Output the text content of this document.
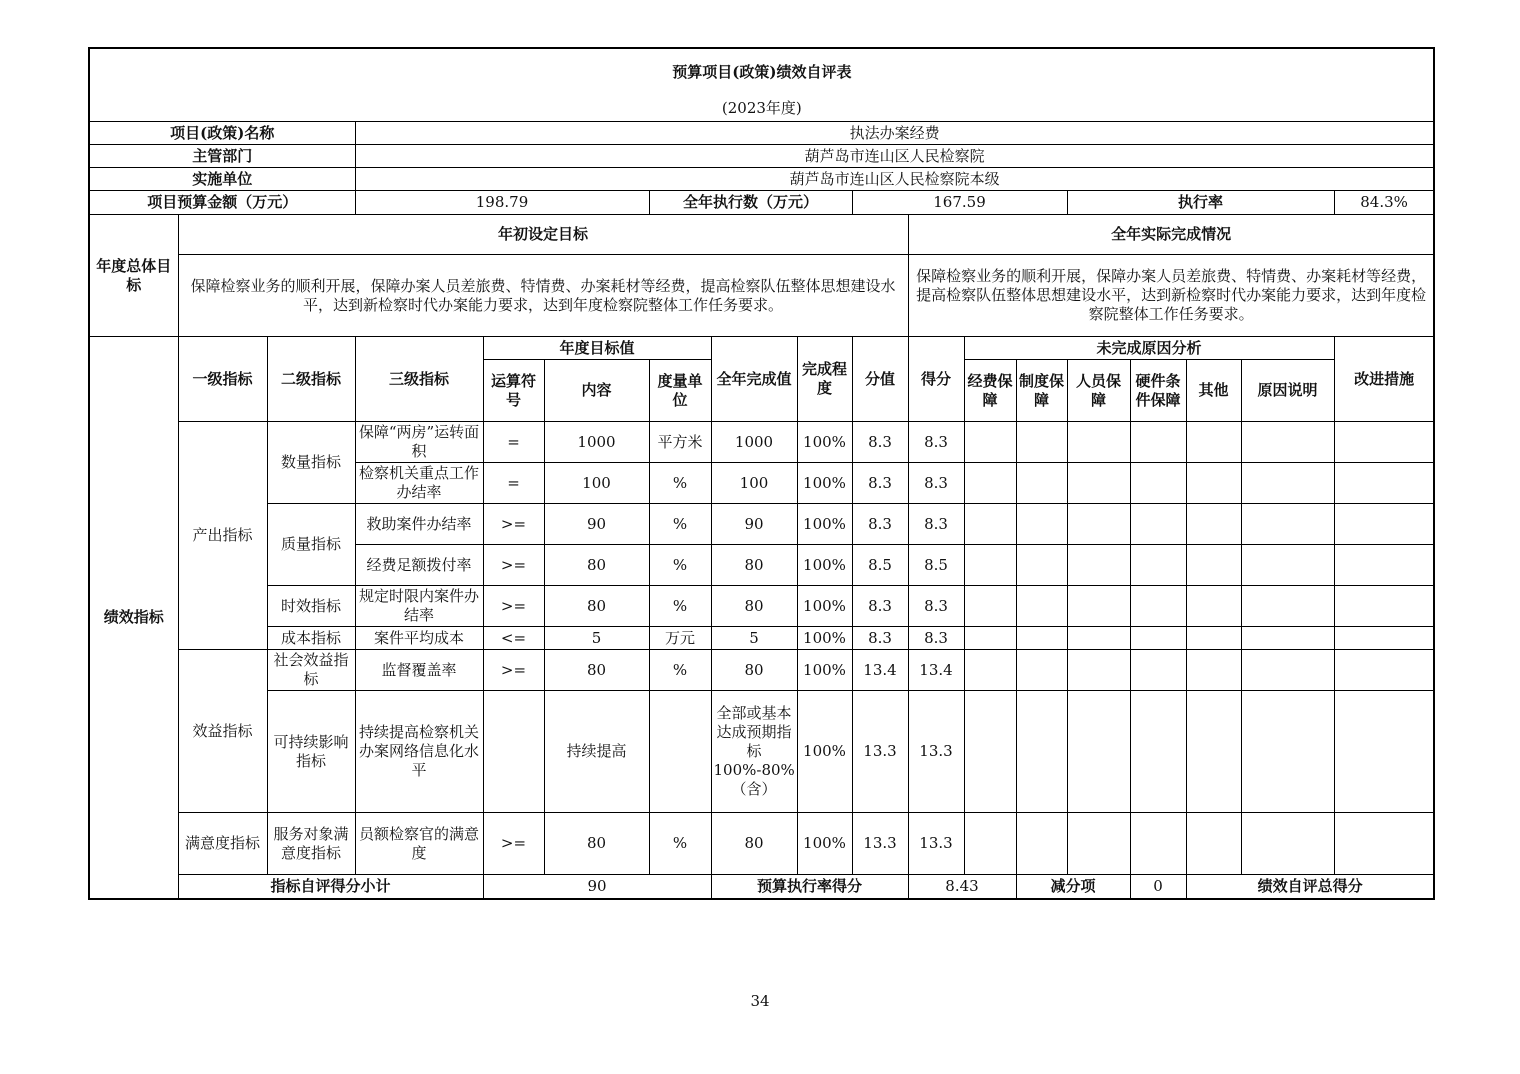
预算项目(政策)绩效自评表																		
(2023年度)																		
项目(政策)名称			执法办案经费															
主管部门			葫芦岛市连山区人民检察院															
实施单位			葫芦岛市连山区人民检察院本级															
项目预算金额（万元）			198.79			全年执行数（万元）			167.59				执行率				84.3%	
年度总体目标	年初设定目标									全年实际完成情况								
	保障检察业务的顺利开展，保障办案人员差旅费、特情费、办案耗材等经费，提高检察队伍整体思想建设水平，达到新检察时代办案能力要求，达到年度检察院整体工作任务要求。									保障检察业务的顺利开展，保障办案人员差旅费、特情费、办案耗材等经费，提高检察队伍整体思想建设水平，达到新检察时代办案能力要求，达到年度检察院整体工作任务要求。								
绩效指标	一级指标	二级指标	三级指标	年度目标值			全年完成值	完成程度	分值	得分	未完成原因分析						改进措施	
				运算符号	内容	度量单位					经费保障	制度保障	人员保障	硬件条件保障	其他	原因说明		
	产出指标	数量指标	保障“两房”运转面积	=	1000	平方米	1000	100%	8.3	8.3								
			检察机关重点工作办结率	=	100	%	100	100%	8.3	8.3								
		质量指标	救助案件办结率	>=	90	%	90	100%	8.3	8.3								
			经费足额拨付率	>=	80	%	80	100%	8.5	8.5								
		时效指标	规定时限内案件办结率	>=	80	%	80	100%	8.3	8.3								
		成本指标	案件平均成本	<=	5	万元	5	100%	8.3	8.3								
	效益指标	社会效益指标	监督覆盖率	>=	80	%	80	100%	13.4	13.4								
		可持续影响指标	持续提高检察机关办案网络信息化水平		持续提高		全部或基本达成预期指标100%-80%（含）	100%	13.3	13.3								
	满意度指标	服务对象满意度指标	员额检察官的满意度	>=	80	%	80	100%	13.3	13.3								
	指标自评得分小计			90			预算执行率得分			8.43		减分项		0	绩效自评总得分	
34
